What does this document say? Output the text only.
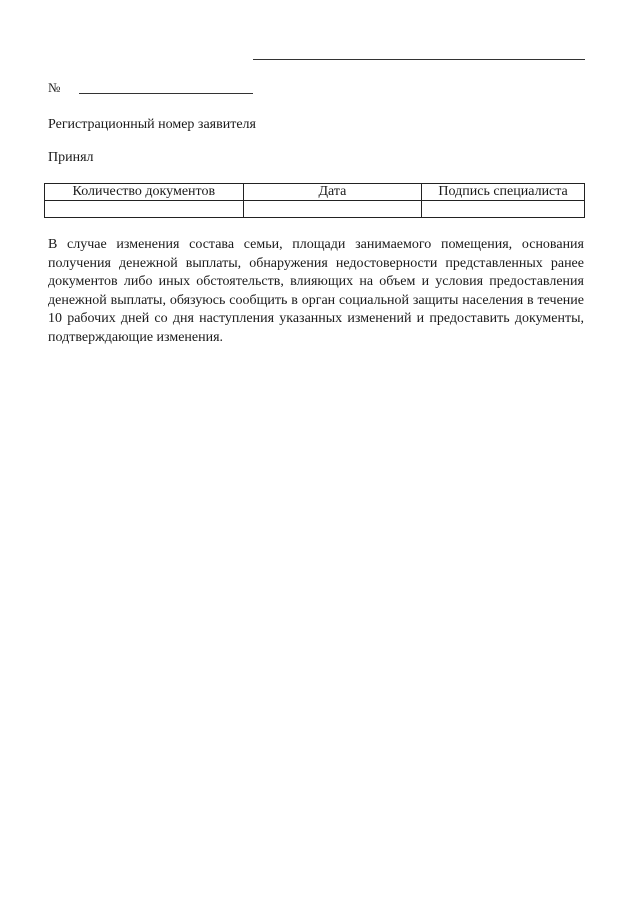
№
Регистрационный номер заявителя
Принял
Количество документов	Дата	Подпись специалиста

В случае изменения состава семьи, площади занимаемого помещения, основания получения денежной выплаты, обнаружения недостоверности представленных ранее документов либо иных обстоятельств, влияющих на объем и условия предоставления денежной выплаты, обязуюсь сообщить в орган социальной защиты населения в течение 10 рабочих дней со дня наступления указанных изменений и предоставить документы, подтверждающие изменения.
